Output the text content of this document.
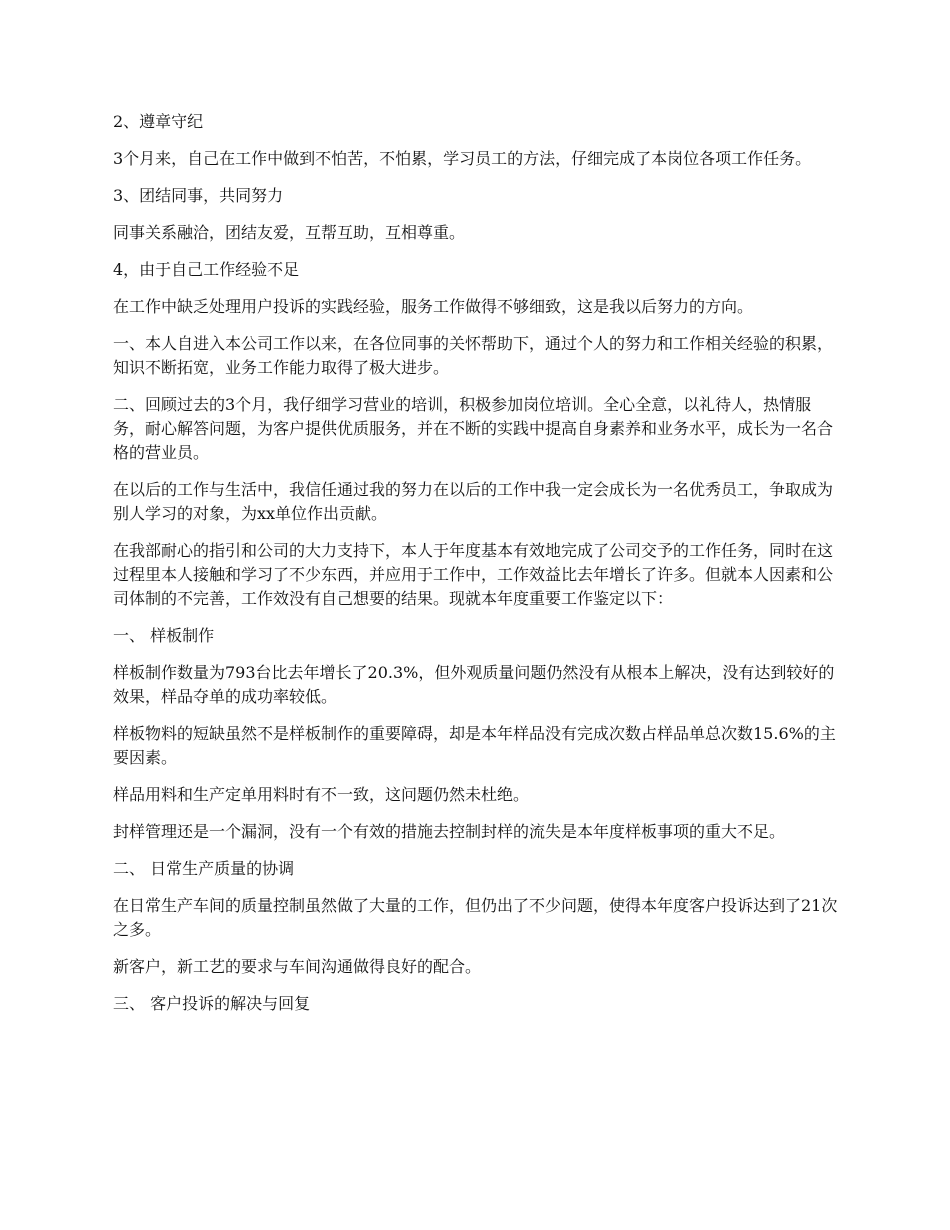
2、遵章守纪

3个月来，自己在工作中做到不怕苦，不怕累，学习员工的方法，仔细完成了本岗位各项工作任务。

3、团结同事，共同努力

同事关系融洽，团结友爱，互帮互助，互相尊重。

4，由于自己工作经验不足

在工作中缺乏处理用户投诉的实践经验，服务工作做得不够细致，这是我以后努力的方向。

一、本人自进入本公司工作以来，在各位同事的关怀帮助下，通过个人的努力和工作相关经验的积累，知识不断拓宽，业务工作能力取得了极大进步。

二、回顾过去的3个月，我仔细学习营业的培训，积极参加岗位培训。全心全意，以礼待人，热情服务，耐心解答问题，为客户提供优质服务，并在不断的实践中提高自身素养和业务水平，成长为一名合格的营业员。

在以后的工作与生活中，我信任通过我的努力在以后的工作中我一定会成长为一名优秀员工，争取成为别人学习的对象，为xx单位作出贡献。

在我部耐心的指引和公司的大力支持下，本人于年度基本有效地完成了公司交予的工作任务，同时在这过程里本人接触和学习了不少东西，并应用于工作中，工作效益比去年增长了许多。但就本人因素和公司体制的不完善，工作效没有自己想要的结果。现就本年度重要工作鉴定以下：

一、 样板制作

样板制作数量为793台比去年增长了20.3%，但外观质量问题仍然没有从根本上解决，没有达到较好的效果，样品夺单的成功率较低。

样板物料的短缺虽然不是样板制作的重要障碍，却是本年样品没有完成次数占样品单总次数15.6%的主要因素。

样品用料和生产定单用料时有不一致，这问题仍然未杜绝。

封样管理还是一个漏洞，没有一个有效的措施去控制封样的流失是本年度样板事项的重大不足。

二、 日常生产质量的协调

在日常生产车间的质量控制虽然做了大量的工作，但仍出了不少问题，使得本年度客户投诉达到了21次之多。

新客户，新工艺的要求与车间沟通做得良好的配合。

三、 客户投诉的解决与回复
